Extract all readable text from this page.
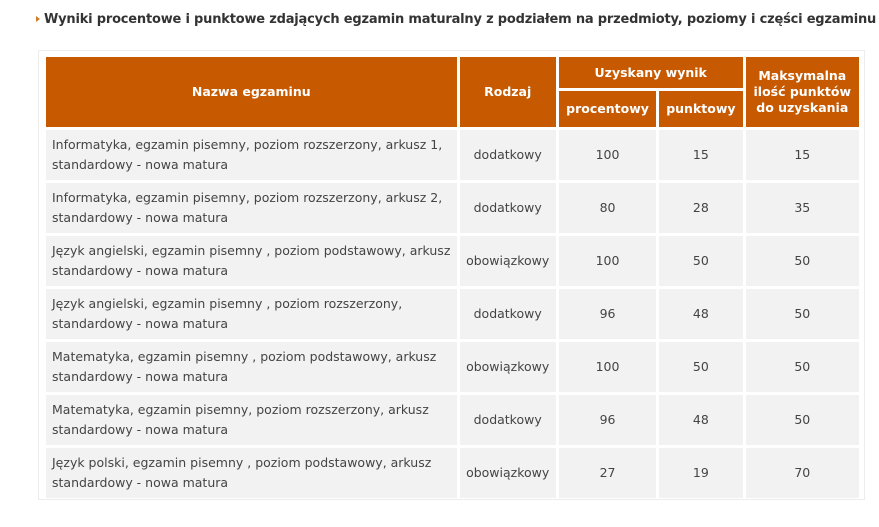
Wyniki procentowe i punktowe zdających egzamin maturalny z podziałem na przedmioty, poziomy i części egzaminu
Nazwa egzaminu	Rodzaj	Uzyskany wynik		Maksymalna
ilość punktów
do uzyskania
		procentowy	punktowy	
Informatyka, egzamin pisemny, poziom rozszerzony, arkusz 1,
standardowy - nowa matura	dodatkowy	100	15	15
Informatyka, egzamin pisemny, poziom rozszerzony, arkusz 2,
standardowy - nowa matura	dodatkowy	80	28	35
Język angielski, egzamin pisemny , poziom podstawowy, arkusz
standardowy - nowa matura	obowiązkowy	100	50	50
Język angielski, egzamin pisemny , poziom rozszerzony,
standardowy - nowa matura	dodatkowy	96	48	50
Matematyka, egzamin pisemny , poziom podstawowy, arkusz
standardowy - nowa matura	obowiązkowy	100	50	50
Matematyka, egzamin pisemny, poziom rozszerzony, arkusz
standardowy - nowa matura	dodatkowy	96	48	50
Język polski, egzamin pisemny , poziom podstawowy, arkusz
standardowy - nowa matura	obowiązkowy	27	19	70
